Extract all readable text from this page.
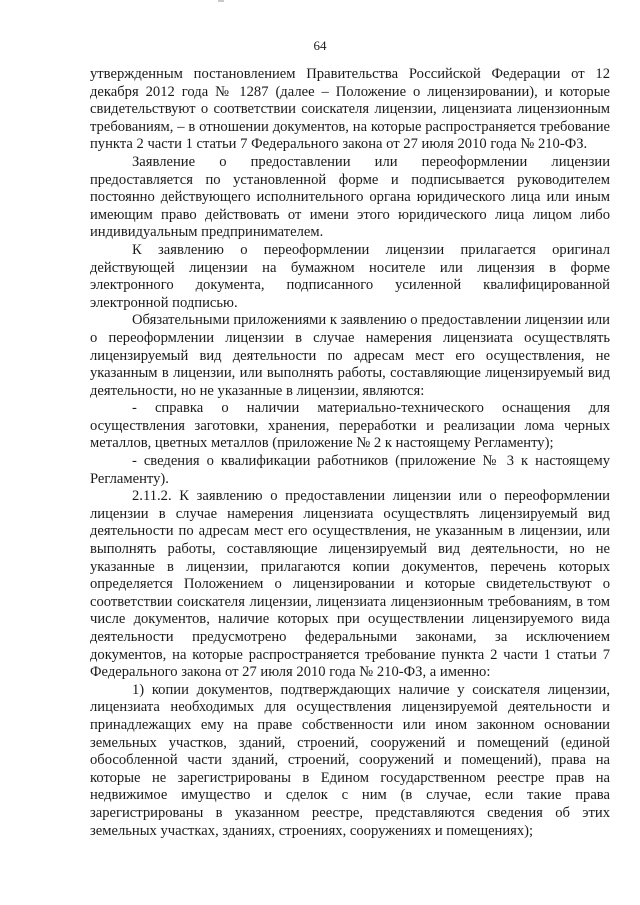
64

утвержденным постановлением Правительства Российской Федерации от 12 декабря 2012 года № 1287 (далее – Положение о лицензировании), и которые свидетельствуют о соответствии соискателя лицензии, лицензиата лицензионным требованиям, – в отношении документов, на которые распространяется требование пункта 2 части 1 статьи 7 Федерального закона от 27 июля 2010 года № 210-ФЗ.

Заявление о предоставлении или переоформлении лицензии предоставляется по установленной форме и подписывается руководителем постоянно действующего исполнительного органа юридического лица или иным имеющим право действовать от имени этого юридического лица лицом либо индивидуальным предпринимателем.

К заявлению о переоформлении лицензии прилагается оригинал действующей лицензии на бумажном носителе или лицензия в форме электронного документа, подписанного усиленной квалифицированной электронной подписью.

Обязательными приложениями к заявлению о предоставлении лицензии или о переоформлении лицензии в случае намерения лицензиата осуществлять лицензируемый вид деятельности по адресам мест его осуществления, не указанным в лицензии, или выполнять работы, составляющие лицензируемый вид деятельности, но не указанные в лицензии, являются:

- справка о наличии материально-технического оснащения для осуществления заготовки, хранения, переработки и реализации лома черных металлов, цветных металлов (приложение № 2 к настоящему Регламенту);

- сведения о квалификации работников (приложение № 3 к настоящему Регламенту).

2.11.2. К заявлению о предоставлении лицензии или о переоформлении лицензии в случае намерения лицензиата осуществлять лицензируемый вид деятельности по адресам мест его осуществления, не указанным в лицензии, или выполнять работы, составляющие лицензируемый вид деятельности, но не указанные в лицензии, прилагаются копии документов, перечень которых определяется Положением о лицензировании и которые свидетельствуют о соответствии соискателя лицензии, лицензиата лицензионным требованиям, в том числе документов, наличие которых при осуществлении лицензируемого вида деятельности предусмотрено федеральными законами, за исключением документов, на которые распространяется требование пункта 2 части 1 статьи 7 Федерального закона от 27 июля 2010 года № 210-ФЗ, а именно:

1) копии документов, подтверждающих наличие у соискателя лицензии, лицензиата необходимых для осуществления лицензируемой деятельности и принадлежащих ему на праве собственности или ином законном основании земельных участков, зданий, строений, сооружений и помещений (единой обособленной части зданий, строений, сооружений и помещений), права на которые не зарегистрированы в Едином государственном реестре прав на недвижимое имущество и сделок с ним (в случае, если такие права зарегистрированы в указанном реестре, представляются сведения об этих земельных участках, зданиях, строениях, сооружениях и помещениях);
